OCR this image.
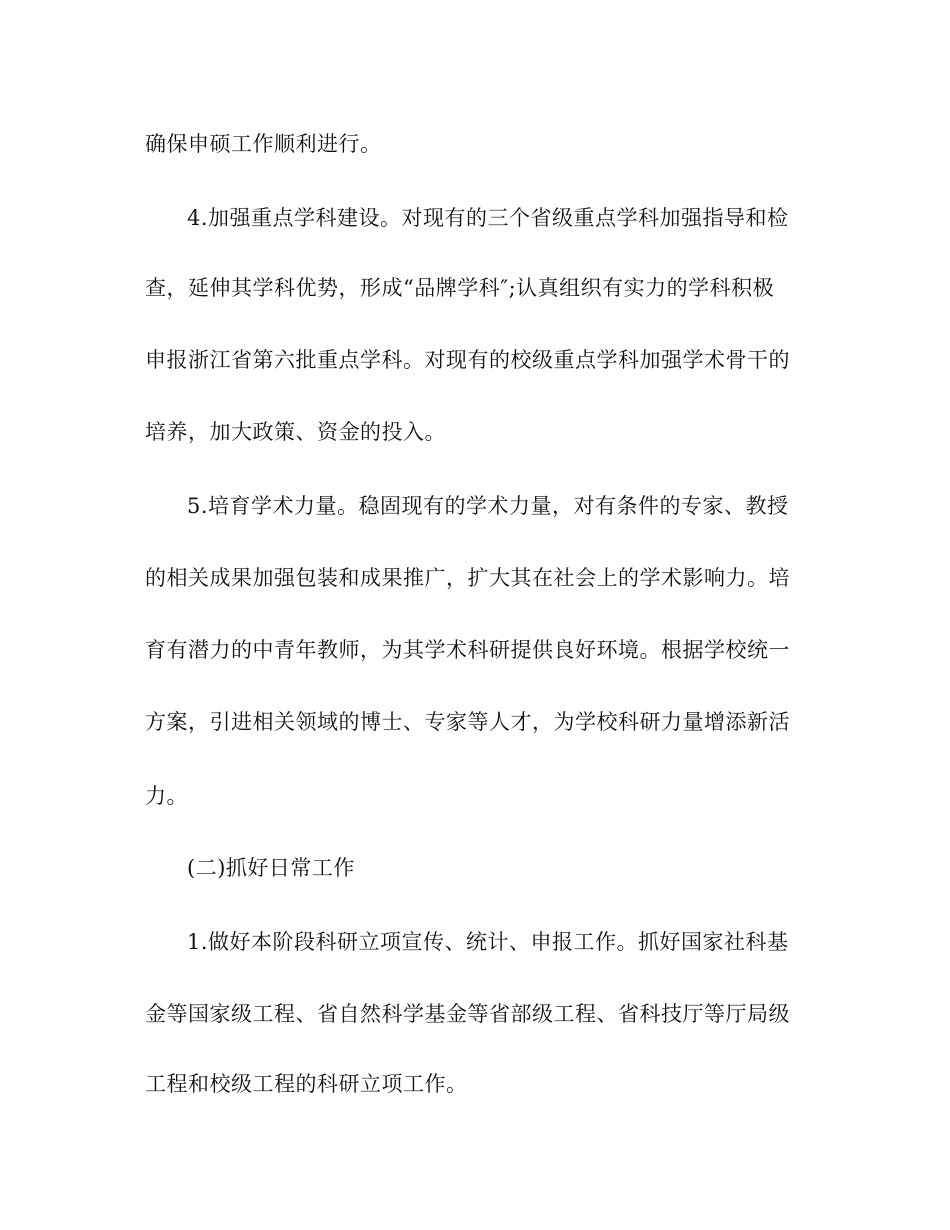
确保申硕工作顺利进行。
4.加强重点学科建设。对现有的三个省级重点学科加强指导和检
查，延伸其学科优势，形成“品牌学科″;认真组织有实力的学科积极
申报浙江省第六批重点学科。对现有的校级重点学科加强学术骨干的
培养，加大政策、资金的投入。
5.培育学术力量。稳固现有的学术力量，对有条件的专家、教授
的相关成果加强包装和成果推广，扩大其在社会上的学术影响力。培
育有潜力的中青年教师，为其学术科研提供良好环境。根据学校统一
方案，引进相关领域的博士、专家等人才，为学校科研力量增添新活
力。
(二)抓好日常工作
1.做好本阶段科研立项宣传、统计、申报工作。抓好国家社科基
金等国家级工程、省自然科学基金等省部级工程、省科技厅等厅局级
工程和校级工程的科研立项工作。
